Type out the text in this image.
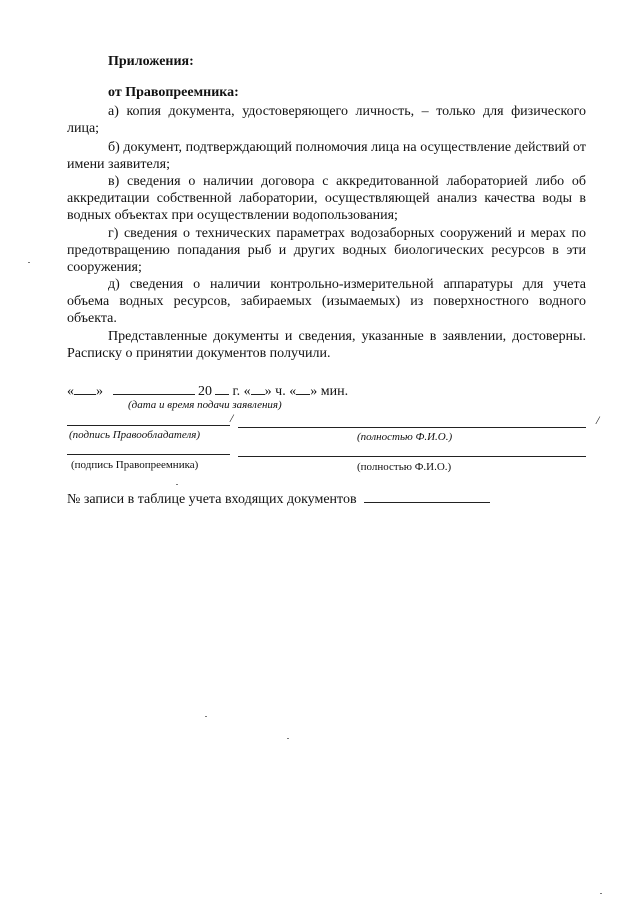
Приложения:
от Правопреемника:

а) копия документа, удостоверяющего личность, – только для физического лица;

б) документ, подтверждающий полномочия лица на осуществление действий от имени заявителя;

в) сведения о наличии договора с аккредитованной лабораторией либо об аккредитации собственной лаборатории, осуществляющей анализ качества воды в водных объектах при осуществлении водопользования;

г) сведения о технических параметрах водозаборных сооружений и мерах по предотвращению попадания рыб и других водных биологических ресурсов в эти сооружения;

д) сведения о наличии контрольно-измерительной аппаратуры для учета объема водных ресурсов, забираемых (изымаемых) из поверхностного водного объекта.

Представленные документы и сведения, указанные в заявлении, достоверны. Расписку о принятии документов получили.

« »	20 г. « » ч. « » мин.
(дата и время подачи заявления)
/	/
(подпись Правообладателя)	(полностью Ф.И.О.)
(подпись Правопреемника)	(полностью Ф.И.О.)
№ записи в таблице учета входящих документов
